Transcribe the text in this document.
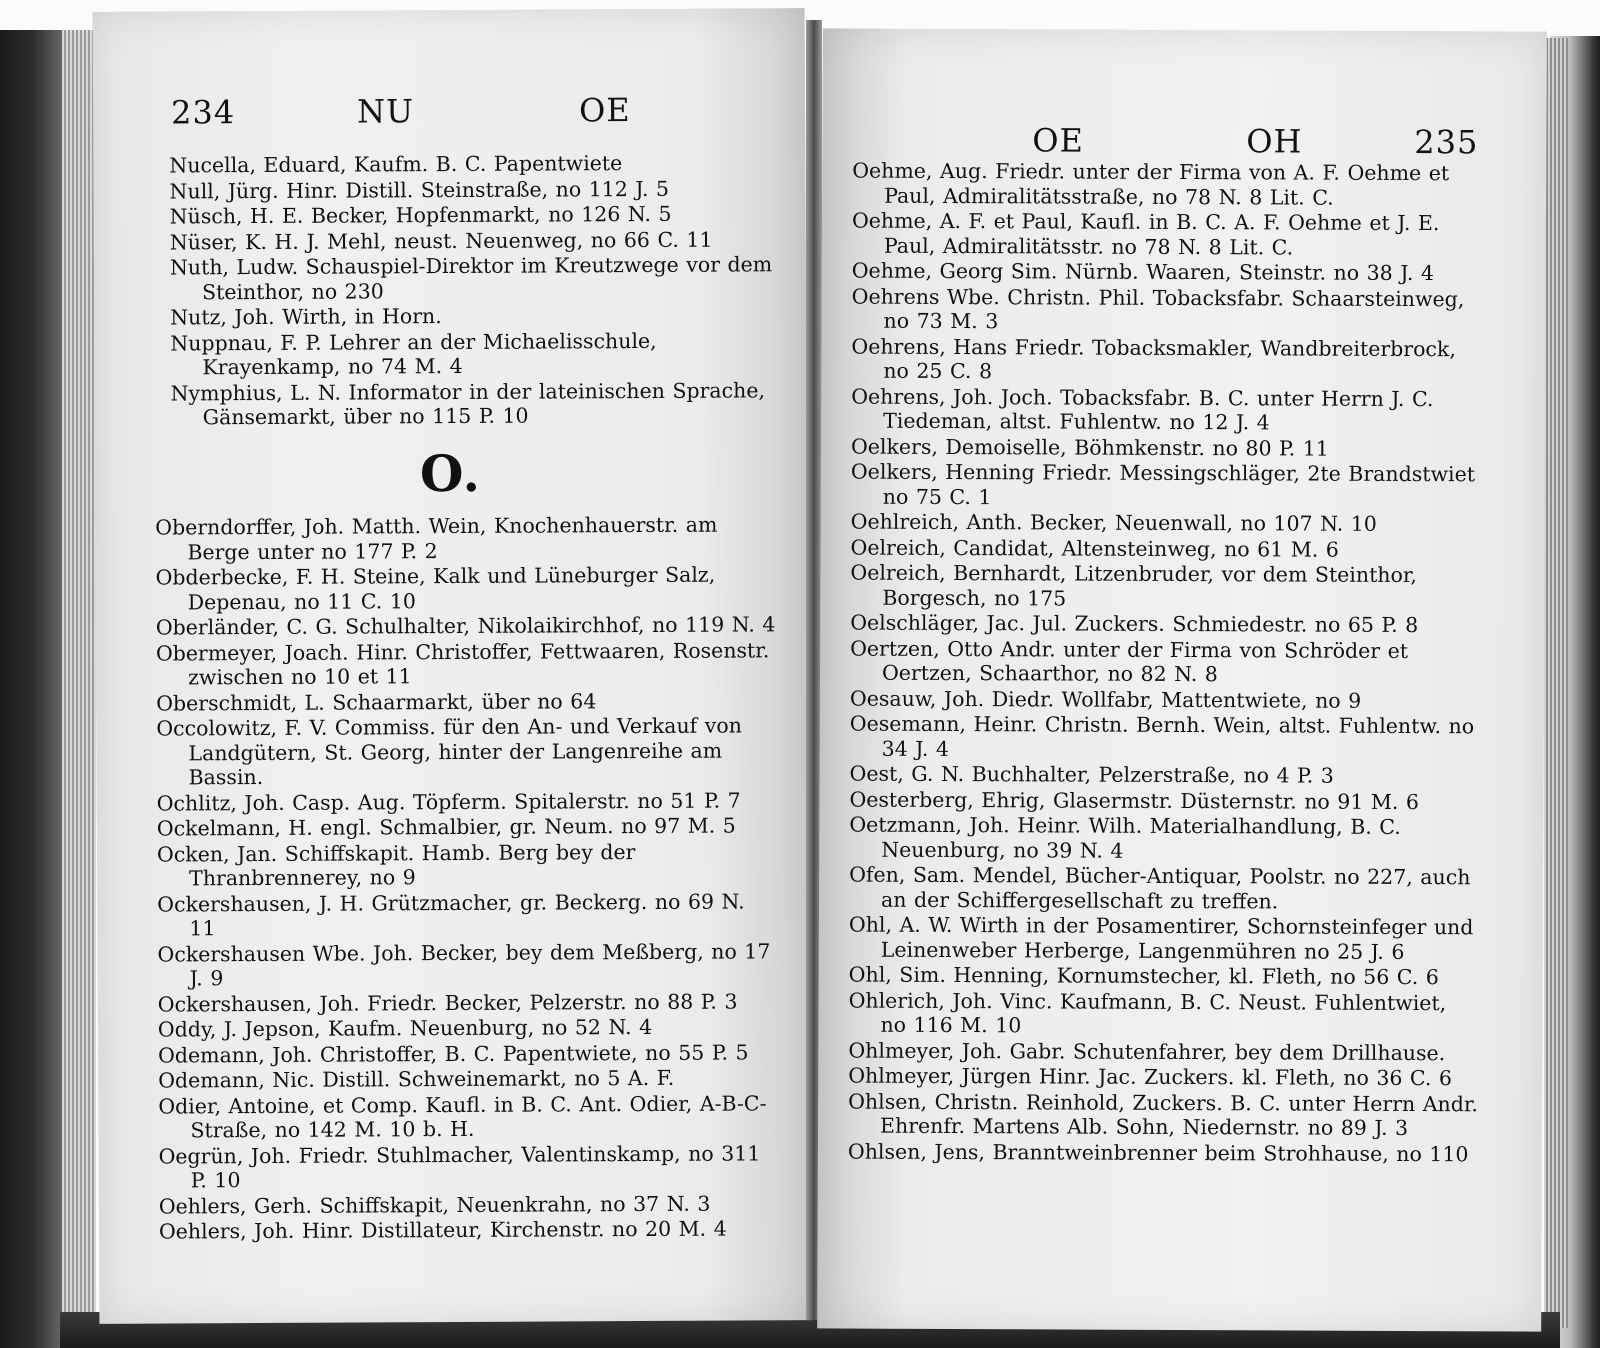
234	NU	OE
Nucella, Eduard, Kaufm. B. C. Papentwiete
Null, Jürg. Hinr. Distill. Steinstraße, no 112 J. 5
Nüsch, H. E. Becker, Hopfenmarkt, no 126 N. 5
Nüser, K. H. J. Mehl, neust. Neuenweg, no 66 C. 11
Nuth, Ludw. Schauspiel-Direktor im Kreutzwege vor dem Steinthor, no 230
Nutz, Joh. Wirth, in Horn.
Nuppnau, F. P. Lehrer an der Michaelisschule, Krayenkamp, no 74 M. 4
Nymphius, L. N. Informator in der lateinischen Sprache, Gänsemarkt, über no 115 P. 10
O.
Oberndorffer, Joh. Matth. Wein, Knochenhauerstr. am Berge unter no 177 P. 2
Obderbecke, F. H. Steine, Kalk und Lüneburger Salz, Depenau, no 11 C. 10
Oberländer, C. G. Schulhalter, Nikolaikirchhof, no 119 N. 4
Obermeyer, Joach. Hinr. Christoffer, Fettwaaren, Rosenstr. zwischen no 10 et 11
Oberschmidt, L. Schaarmarkt, über no 64
Occolowitz, F. V. Commiss. für den An- und Verkauf von Landgütern, St. Georg, hinter der Langenreihe am Bassin.
Ochlitz, Joh. Casp. Aug. Töpferm. Spitalerstr. no 51 P. 7
Ockelmann, H. engl. Schmalbier, gr. Neum. no 97 M. 5
Ocken, Jan. Schiffskapit. Hamb. Berg bey der Thranbrennerey, no 9
Ockershausen, J. H. Grützmacher, gr. Beckerg. no 69 N. 11
Ockershausen Wbe. Joh. Becker, bey dem Meßberg, no 17 J. 9
Ockershausen, Joh. Friedr. Becker, Pelzerstr. no 88 P. 3
Oddy, J. Jepson, Kaufm. Neuenburg, no 52 N. 4
Odemann, Joh. Christoffer, B. C. Papentwiete, no 55 P. 5
Odemann, Nic. Distill. Schweinemarkt, no 5 A. F.
Odier, Antoine, et Comp. Kaufl. in B. C. Ant. Odier, A-B-C-Straße, no 142 M. 10 b. H.
Oegrün, Joh. Friedr. Stuhlmacher, Valentinskamp, no 311 P. 10
Oehlers, Gerh. Schiffskapit, Neuenkrahn, no 37 N. 3
Oehlers, Joh. Hinr. Distillateur, Kirchenstr. no 20 M. 4
OE	OH	235
Oehme, Aug. Friedr. unter der Firma von A. F. Oehme et Paul, Admiralitätsstraße, no 78 N. 8 Lit. C.
Oehme, A. F. et Paul, Kaufl. in B. C. A. F. Oehme et J. E. Paul, Admiralitätsstr. no 78 N. 8 Lit. C.
Oehme, Georg Sim. Nürnb. Waaren, Steinstr. no 38 J. 4
Oehrens Wbe. Christn. Phil. Tobacksfabr. Schaarsteinweg, no 73 M. 3
Oehrens, Hans Friedr. Tobacksmakler, Wandbreiterbrock, no 25 C. 8
Oehrens, Joh. Joch. Tobacksfabr. B. C. unter Herrn J. C. Tiedeman, altst. Fuhlentw. no 12 J. 4
Oelkers, Demoiselle, Böhmkenstr. no 80 P. 11
Oelkers, Henning Friedr. Messingschläger, 2te Brandstwiet no 75 C. 1
Oehlreich, Anth. Becker, Neuenwall, no 107 N. 10
Oelreich, Candidat, Altensteinweg, no 61 M. 6
Oelreich, Bernhardt, Litzenbruder, vor dem Steinthor, Borgesch, no 175
Oelschläger, Jac. Jul. Zuckers. Schmiedestr. no 65 P. 8
Oertzen, Otto Andr. unter der Firma von Schröder et Oertzen, Schaarthor, no 82 N. 8
Oesauw, Joh. Diedr. Wollfabr, Mattentwiete, no 9
Oesemann, Heinr. Christn. Bernh. Wein, altst. Fuhlentw. no 34 J. 4
Oest, G. N. Buchhalter, Pelzerstraße, no 4 P. 3
Oesterberg, Ehrig, Glasermstr. Düsternstr. no 91 M. 6
Oetzmann, Joh. Heinr. Wilh. Materialhandlung, B. C. Neuenburg, no 39 N. 4
Ofen, Sam. Mendel, Bücher-Antiquar, Poolstr. no 227, auch an der Schiffergesellschaft zu treffen.
Ohl, A. W. Wirth in der Posamentirer, Schornsteinfeger und Leinenweber Herberge, Langenmühren no 25 J. 6
Ohl, Sim. Henning, Kornumstecher, kl. Fleth, no 56 C. 6
Ohlerich, Joh. Vinc. Kaufmann, B. C. Neust. Fuhlentwiet, no 116 M. 10
Ohlmeyer, Joh. Gabr. Schutenfahrer, bey dem Drillhause.
Ohlmeyer, Jürgen Hinr. Jac. Zuckers. kl. Fleth, no 36 C. 6
Ohlsen, Christn. Reinhold, Zuckers. B. C. unter Herrn Andr. Ehrenfr. Martens Alb. Sohn, Niedernstr. no 89 J. 3
Ohlsen, Jens, Branntweinbrenner beim Strohhause, no 110
